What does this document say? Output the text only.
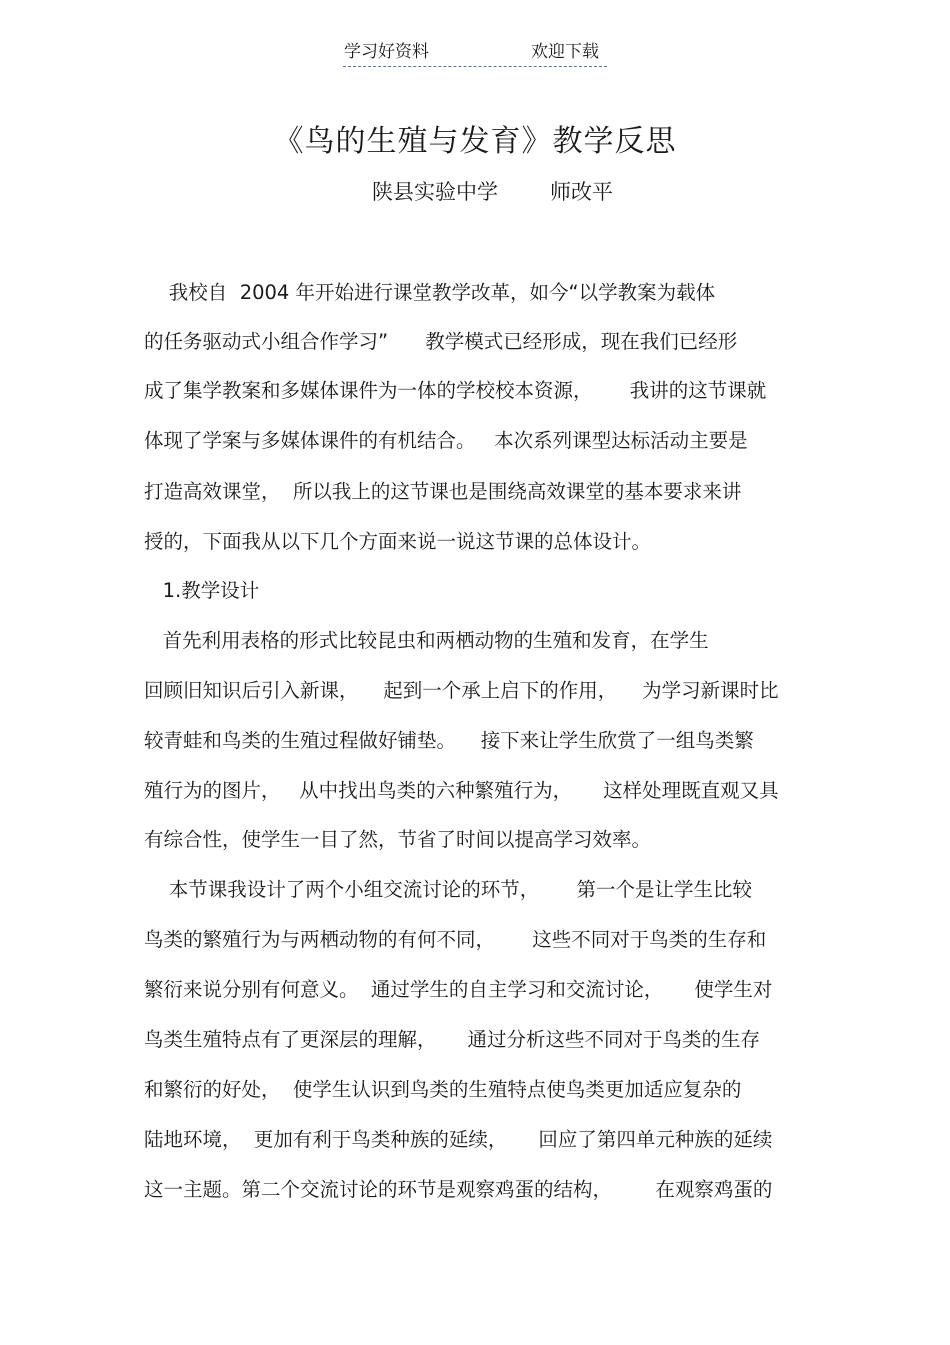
学习好资料	欢迎下载
《鸟的生殖与发育》教学反思
陕县实验中学 师改平
我校自  2004 年开始进行课堂教学改革，如今“以学教案为载体
的任务驱动式小组合作学习”      教学模式已经形成，现在我们已经形
成了集学教案和多媒体课件为一体的学校校本资源，      我讲的这节课就
体现了学案与多媒体课件的有机结合。   本次系列课型达标活动主要是
打造高效课堂，  所以我上的这节课也是围绕高效课堂的基本要求来讲
授的，下面我从以下几个方面来说一说这节课的总体设计。
1.教学设计
首先利用表格的形式比较昆虫和两栖动物的生殖和发育，在学生
回顾旧知识后引入新课，    起到一个承上启下的作用，    为学习新课时比
较青蛙和鸟类的生殖过程做好铺垫。    接下来让学生欣赏了一组鸟类繁
殖行为的图片，   从中找出鸟类的六种繁殖行为，     这样处理既直观又具
有综合性，使学生一目了然，节省了时间以提高学习效率。
本节课我设计了两个小组交流讨论的环节，      第一个是让学生比较
鸟类的繁殖行为与两栖动物的有何不同，      这些不同对于鸟类的生存和
繁衍来说分别有何意义。  通过学生的自主学习和交流讨论，     使学生对
鸟类生殖特点有了更深层的理解，     通过分析这些不同对于鸟类的生存
和繁衍的好处，  使学生认识到鸟类的生殖特点使鸟类更加适应复杂的
陆地环境，  更加有利于鸟类种族的延续，     回应了第四单元种族的延续
这一主题。第二个交流讨论的环节是观察鸡蛋的结构，       在观察鸡蛋的
